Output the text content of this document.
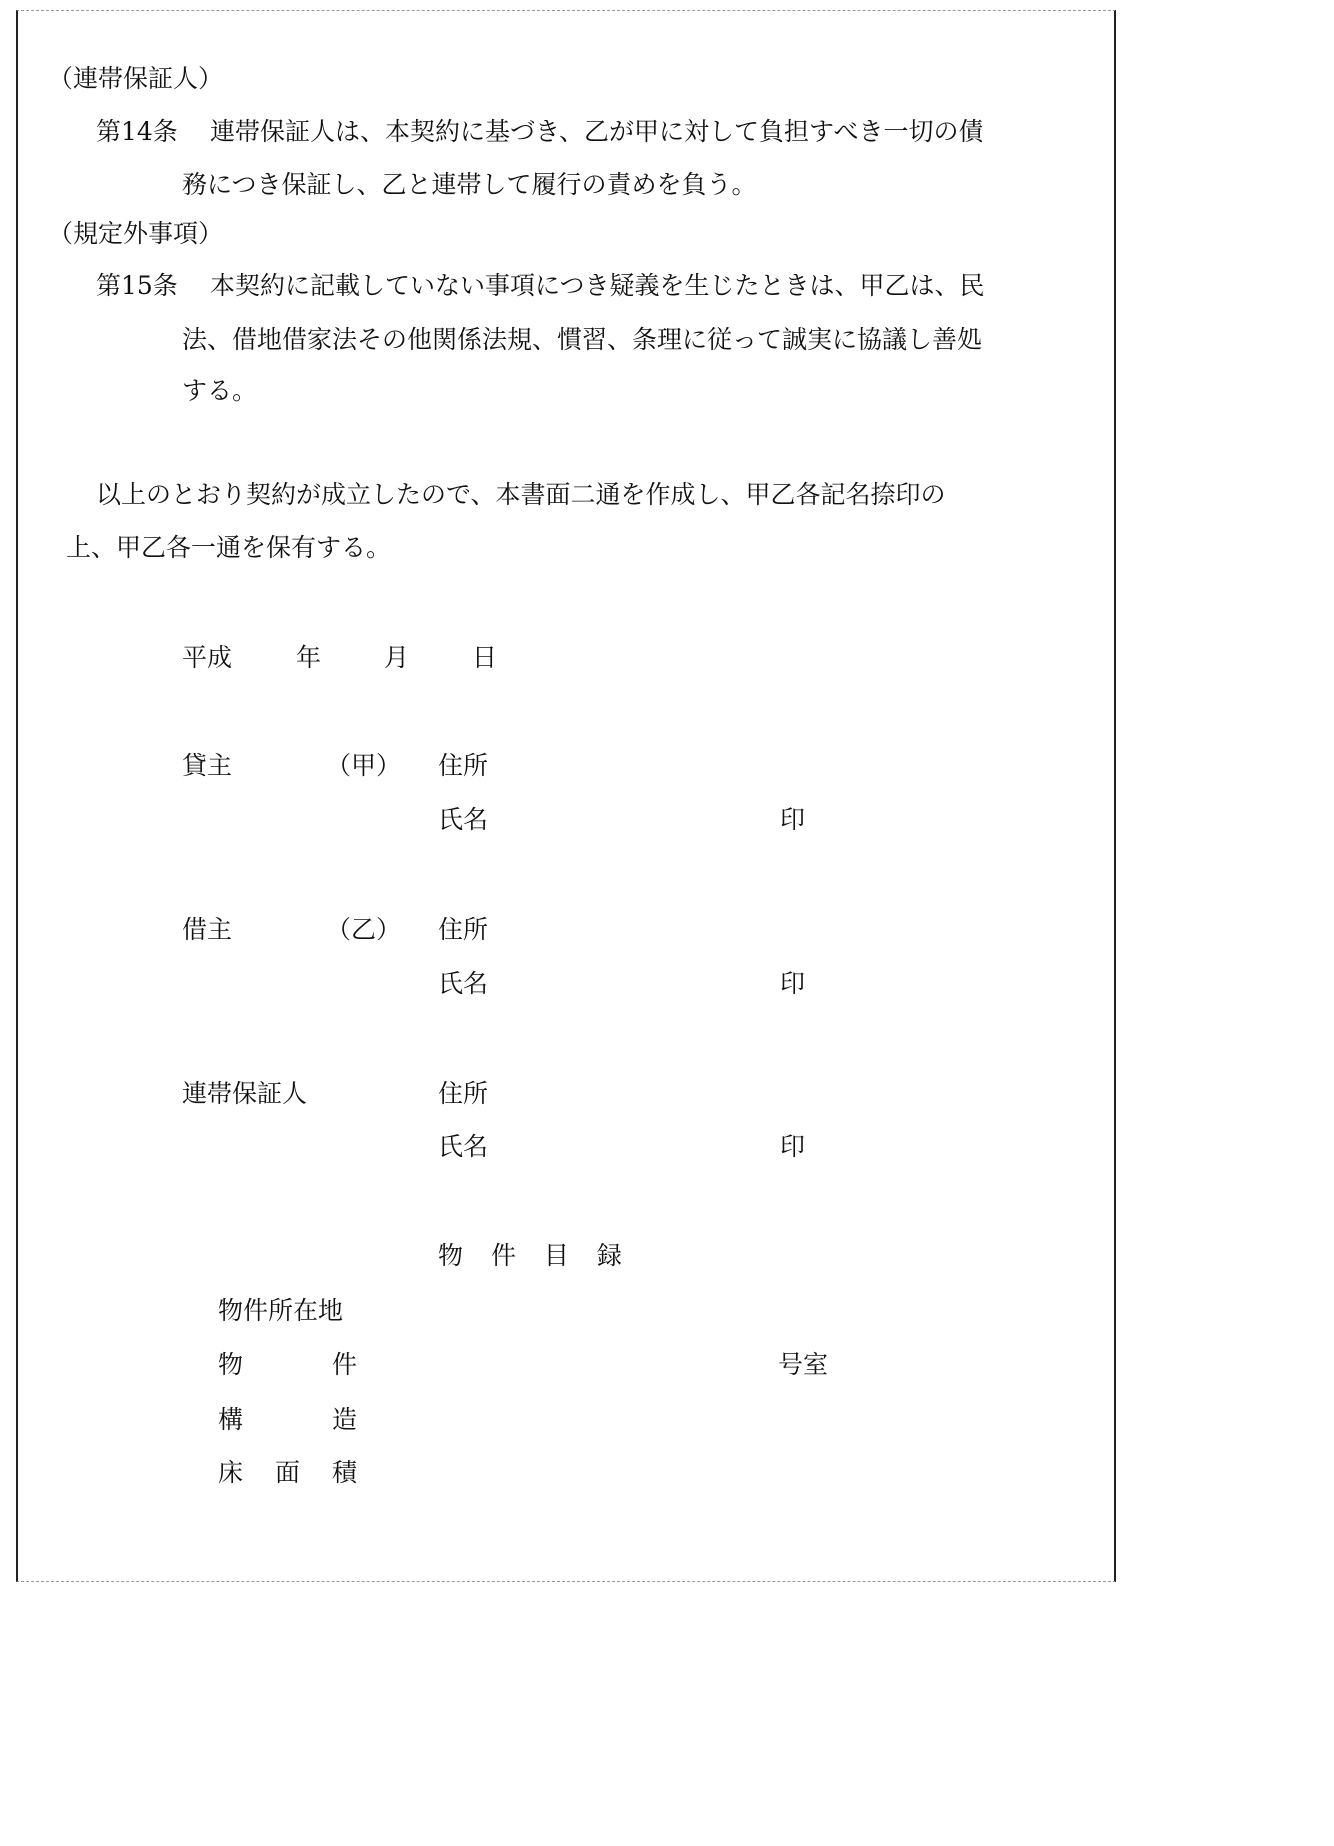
（連帯保証人）
第14条 連帯保証人は、本契約に基づき、乙が甲に対して負担すべき一切の債
務につき保証し、乙と連帯して履行の責めを負う。
（規定外事項）
第15条 本契約に記載していない事項につき疑義を生じたときは、甲乙は、民
法、借地借家法その他関係法規、慣習、条理に従って誠実に協議し善処
する。
以上のとおり契約が成立したので、本書面二通を作成し、甲乙各記名捺印の
上、甲乙各一通を保有する。
平成	年	月	日
貸主	（甲） 住所
氏名	印
借主	（乙） 住所
氏名	印
連帯保証人	住所
氏名	印
物 件 目 録
物件所在地
物	件	号室
構	造
床 面 積
